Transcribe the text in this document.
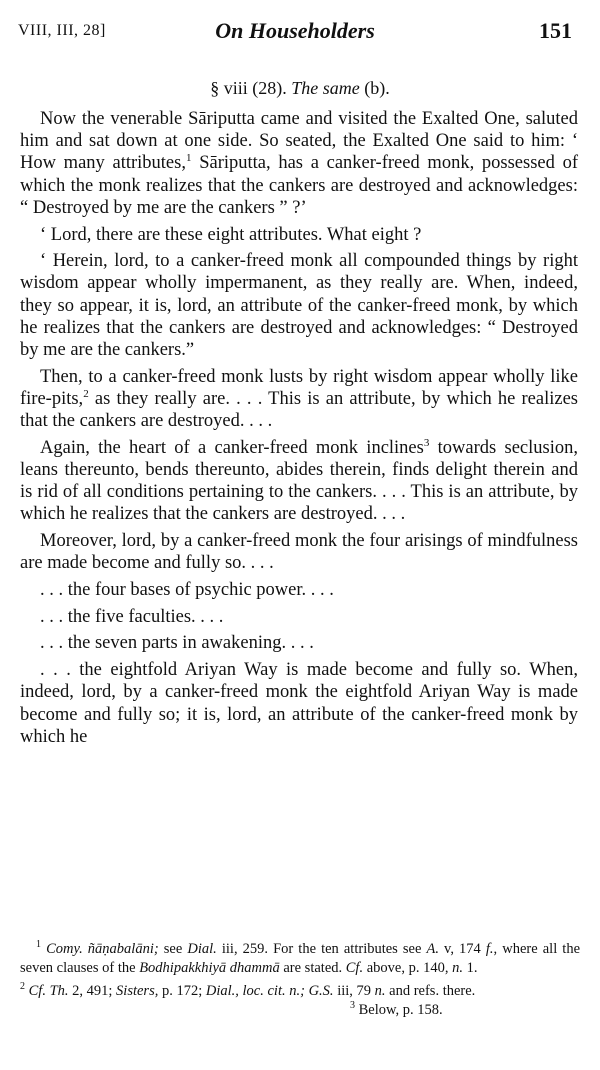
VIII, III, 28]	On Householders	151
§ viii (28). The same (b).

Now the venerable Sāriputta came and visited the Exalted One, saluted him and sat down at one side. So seated, the Exalted One said to him: ‘ How many attributes,$^1$ Sāriputta, has a canker-freed monk, possessed of which the monk realizes that the cankers are destroyed and acknowledges: “ Destroyed by me are the cankers ” ?’

‘ Lord, there are these eight attributes. What eight ?

‘ Herein, lord, to a canker-freed monk all compounded things by right wisdom appear wholly impermanent, as they really are. When, indeed, they so appear, it is, lord, an attribute of the canker-freed monk, by which he realizes that the cankers are destroyed and acknowledges: “ Destroyed by me are the cankers.”

Then, to a canker-freed monk lusts by right wisdom appear wholly like fire-pits,$^2$ as they really are. . . . This is an attribute, by which he realizes that the cankers are destroyed. . . .

Again, the heart of a canker-freed monk inclines$^3$ towards seclusion, leans thereunto, bends thereunto, abides therein, finds delight therein and is rid of all conditions pertaining to the cankers. . . . This is an attribute, by which he realizes that the cankers are destroyed. . . .

Moreover, lord, by a canker-freed monk the four arisings of mindfulness are made become and fully so. . . .

. . . the four bases of psychic power. . . .

. . . the five faculties. . . .

. . . the seven parts in awakening. . . .

. . . the eightfold Ariyan Way is made become and fully so. When, indeed, lord, by a canker-freed monk the eightfold Ariyan Way is made become and fully so; it is, lord, an attribute of the canker-freed monk by which he

$^1$ Comy. ñāṇabalāni; see Dial. iii, 259. For the ten attributes see A. v, 174 f., where all the seven clauses of the Bodhipakkhiyā dhammā are stated. Cf. above, p. 140, n. 1.

$^2$ Cf. Th. 2, 491; Sisters, p. 172; Dial., loc. cit. n.; G.S. iii, 79 n. and refs. there.
$^3$ Below, p. 158.
